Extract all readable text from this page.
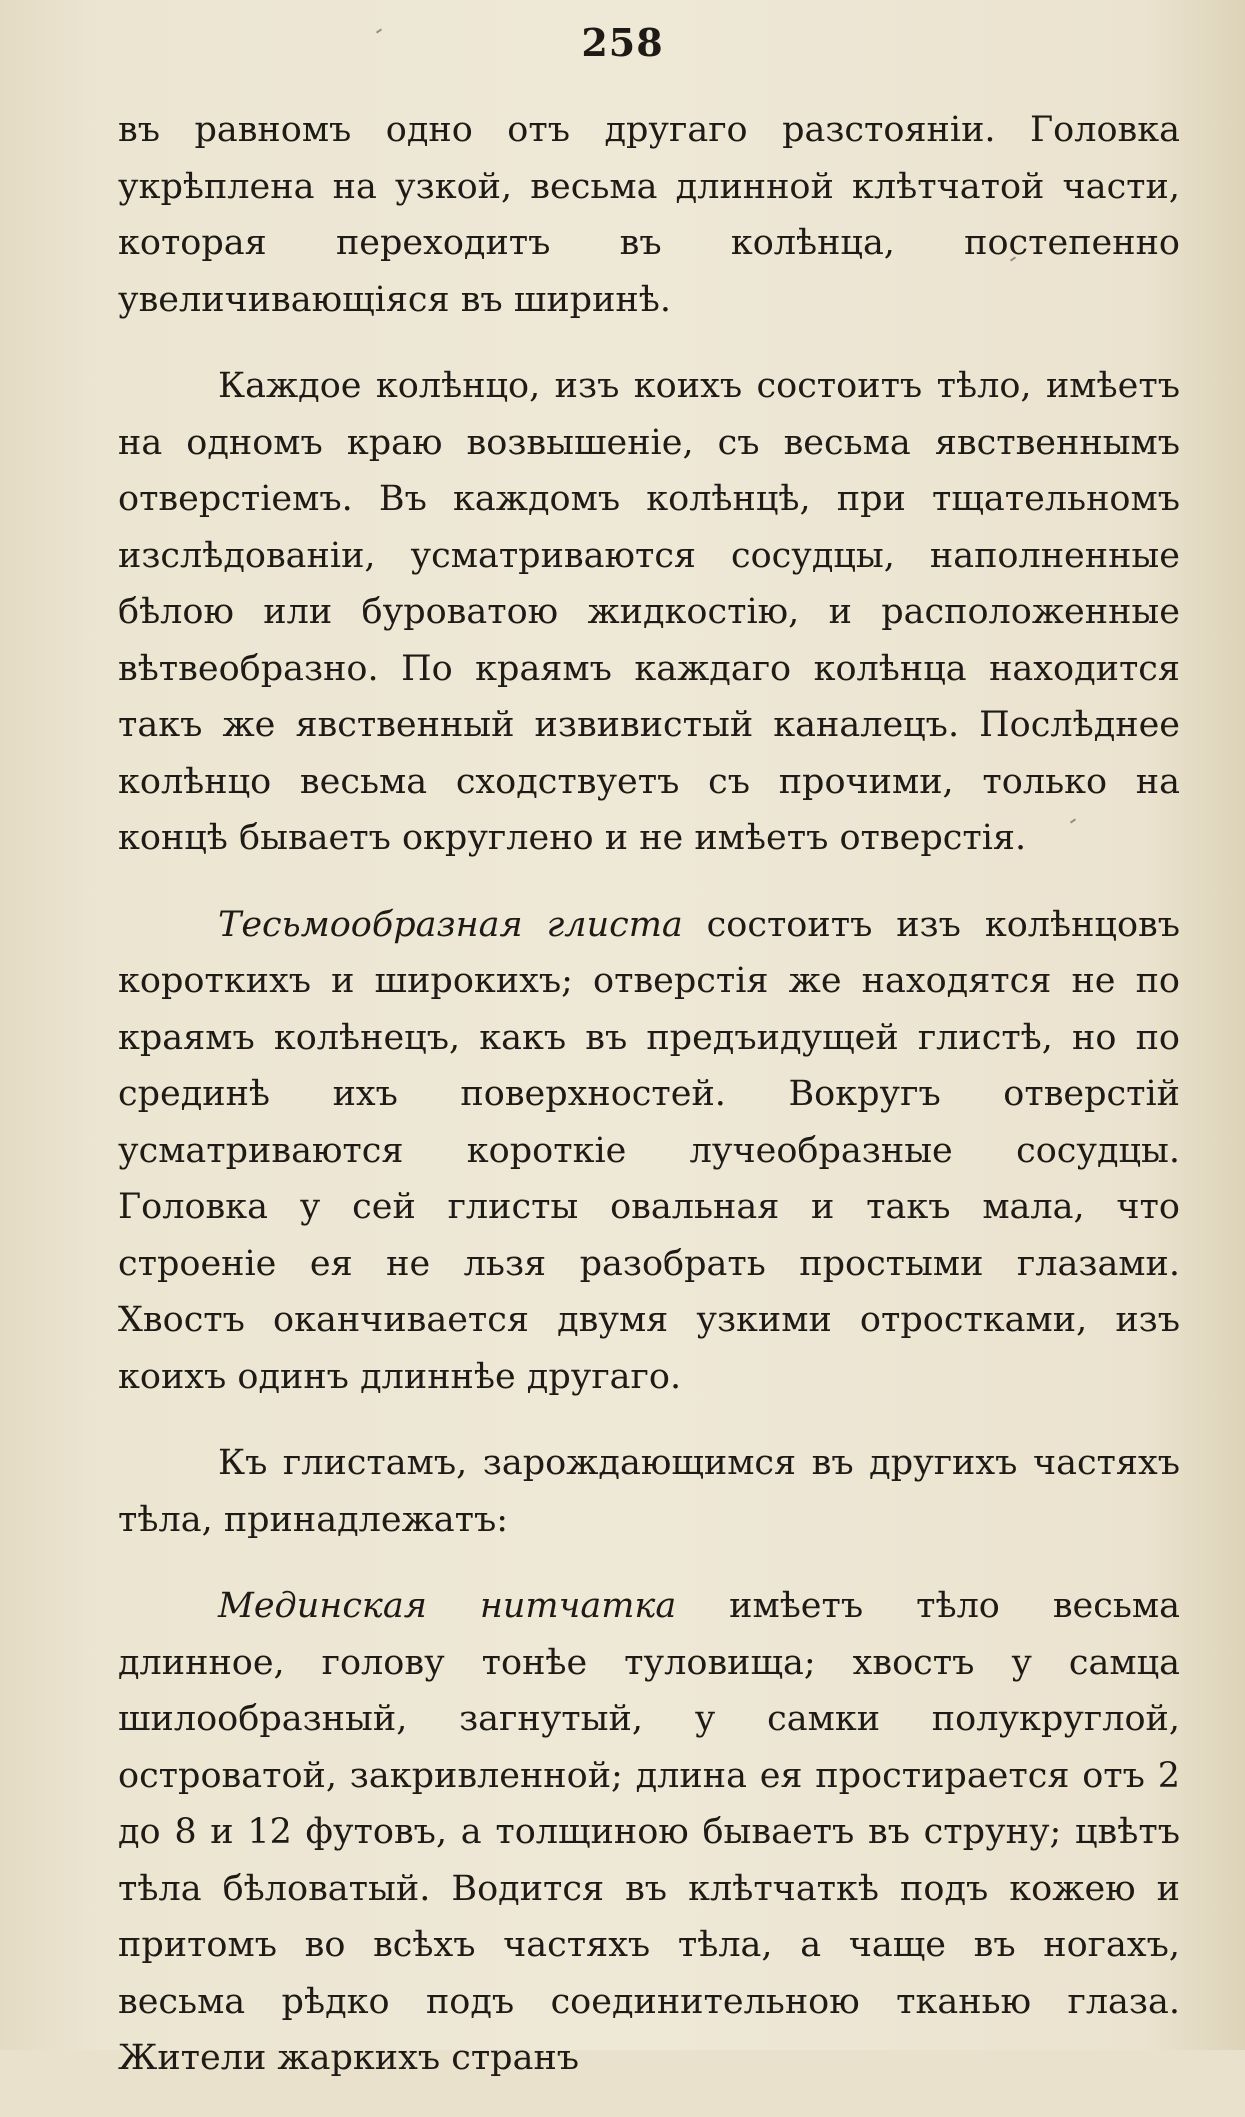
258

въ равномъ одно отъ другаго разстояніи. Головка укрѣплена на узкой, весьма длинной клѣтчатой части, которая переходитъ въ колѣнца, постепенно увеличивающіяся въ ширинѣ.

Каждое колѣнцо, изъ коихъ состоитъ тѣло, имѣетъ на одномъ краю возвышеніе, съ весьма явственнымъ отверстіемъ. Въ каждомъ колѣнцѣ, при тщательномъ изслѣдованіи, усматриваются сосудцы, наполненные бѣлою или буроватою жидкостію, и расположенные вѣтвеобразно. По краямъ каждаго колѣнца находится такъ же явственный извивистый каналецъ. Послѣднее колѣнцо весьма сходствуетъ съ прочими, только на концѣ бываетъ округлено и не имѣетъ отверстія.

Тесьмообразная глиста состоитъ изъ колѣнцовъ короткихъ и широкихъ; отверстія же находятся не по краямъ колѣнецъ, какъ въ предъидущей глистѣ, но по срединѣ ихъ поверхностей. Вокругъ отверстій усматриваются короткіе лучеобразные сосудцы. Головка у сей глисты овальная и такъ мала, что строеніе ея не льзя разобрать простыми глазами. Хвостъ оканчивается двумя узкими отростками, изъ коихъ одинъ длиннѣе другаго.

Къ глистамъ, зарождающимся въ другихъ частяхъ тѣла, принадлежатъ:

Мединская нитчатка имѣетъ тѣло весьма длинное, голову тонѣе туловища; хвостъ у самца шилообразный, загнутый, у самки полукруглой, островатой, закривленной; длина ея простирается отъ 2 до 8 и 12 футовъ, а толщиною бываетъ въ струну; цвѣтъ тѣла бѣловатый. Водится въ клѣтчаткѣ подъ кожею и притомъ во всѣхъ частяхъ тѣла, а чаще въ ногахъ, весьма рѣдко подъ соединительною тканью глаза. Жители жаркихъ странъ
